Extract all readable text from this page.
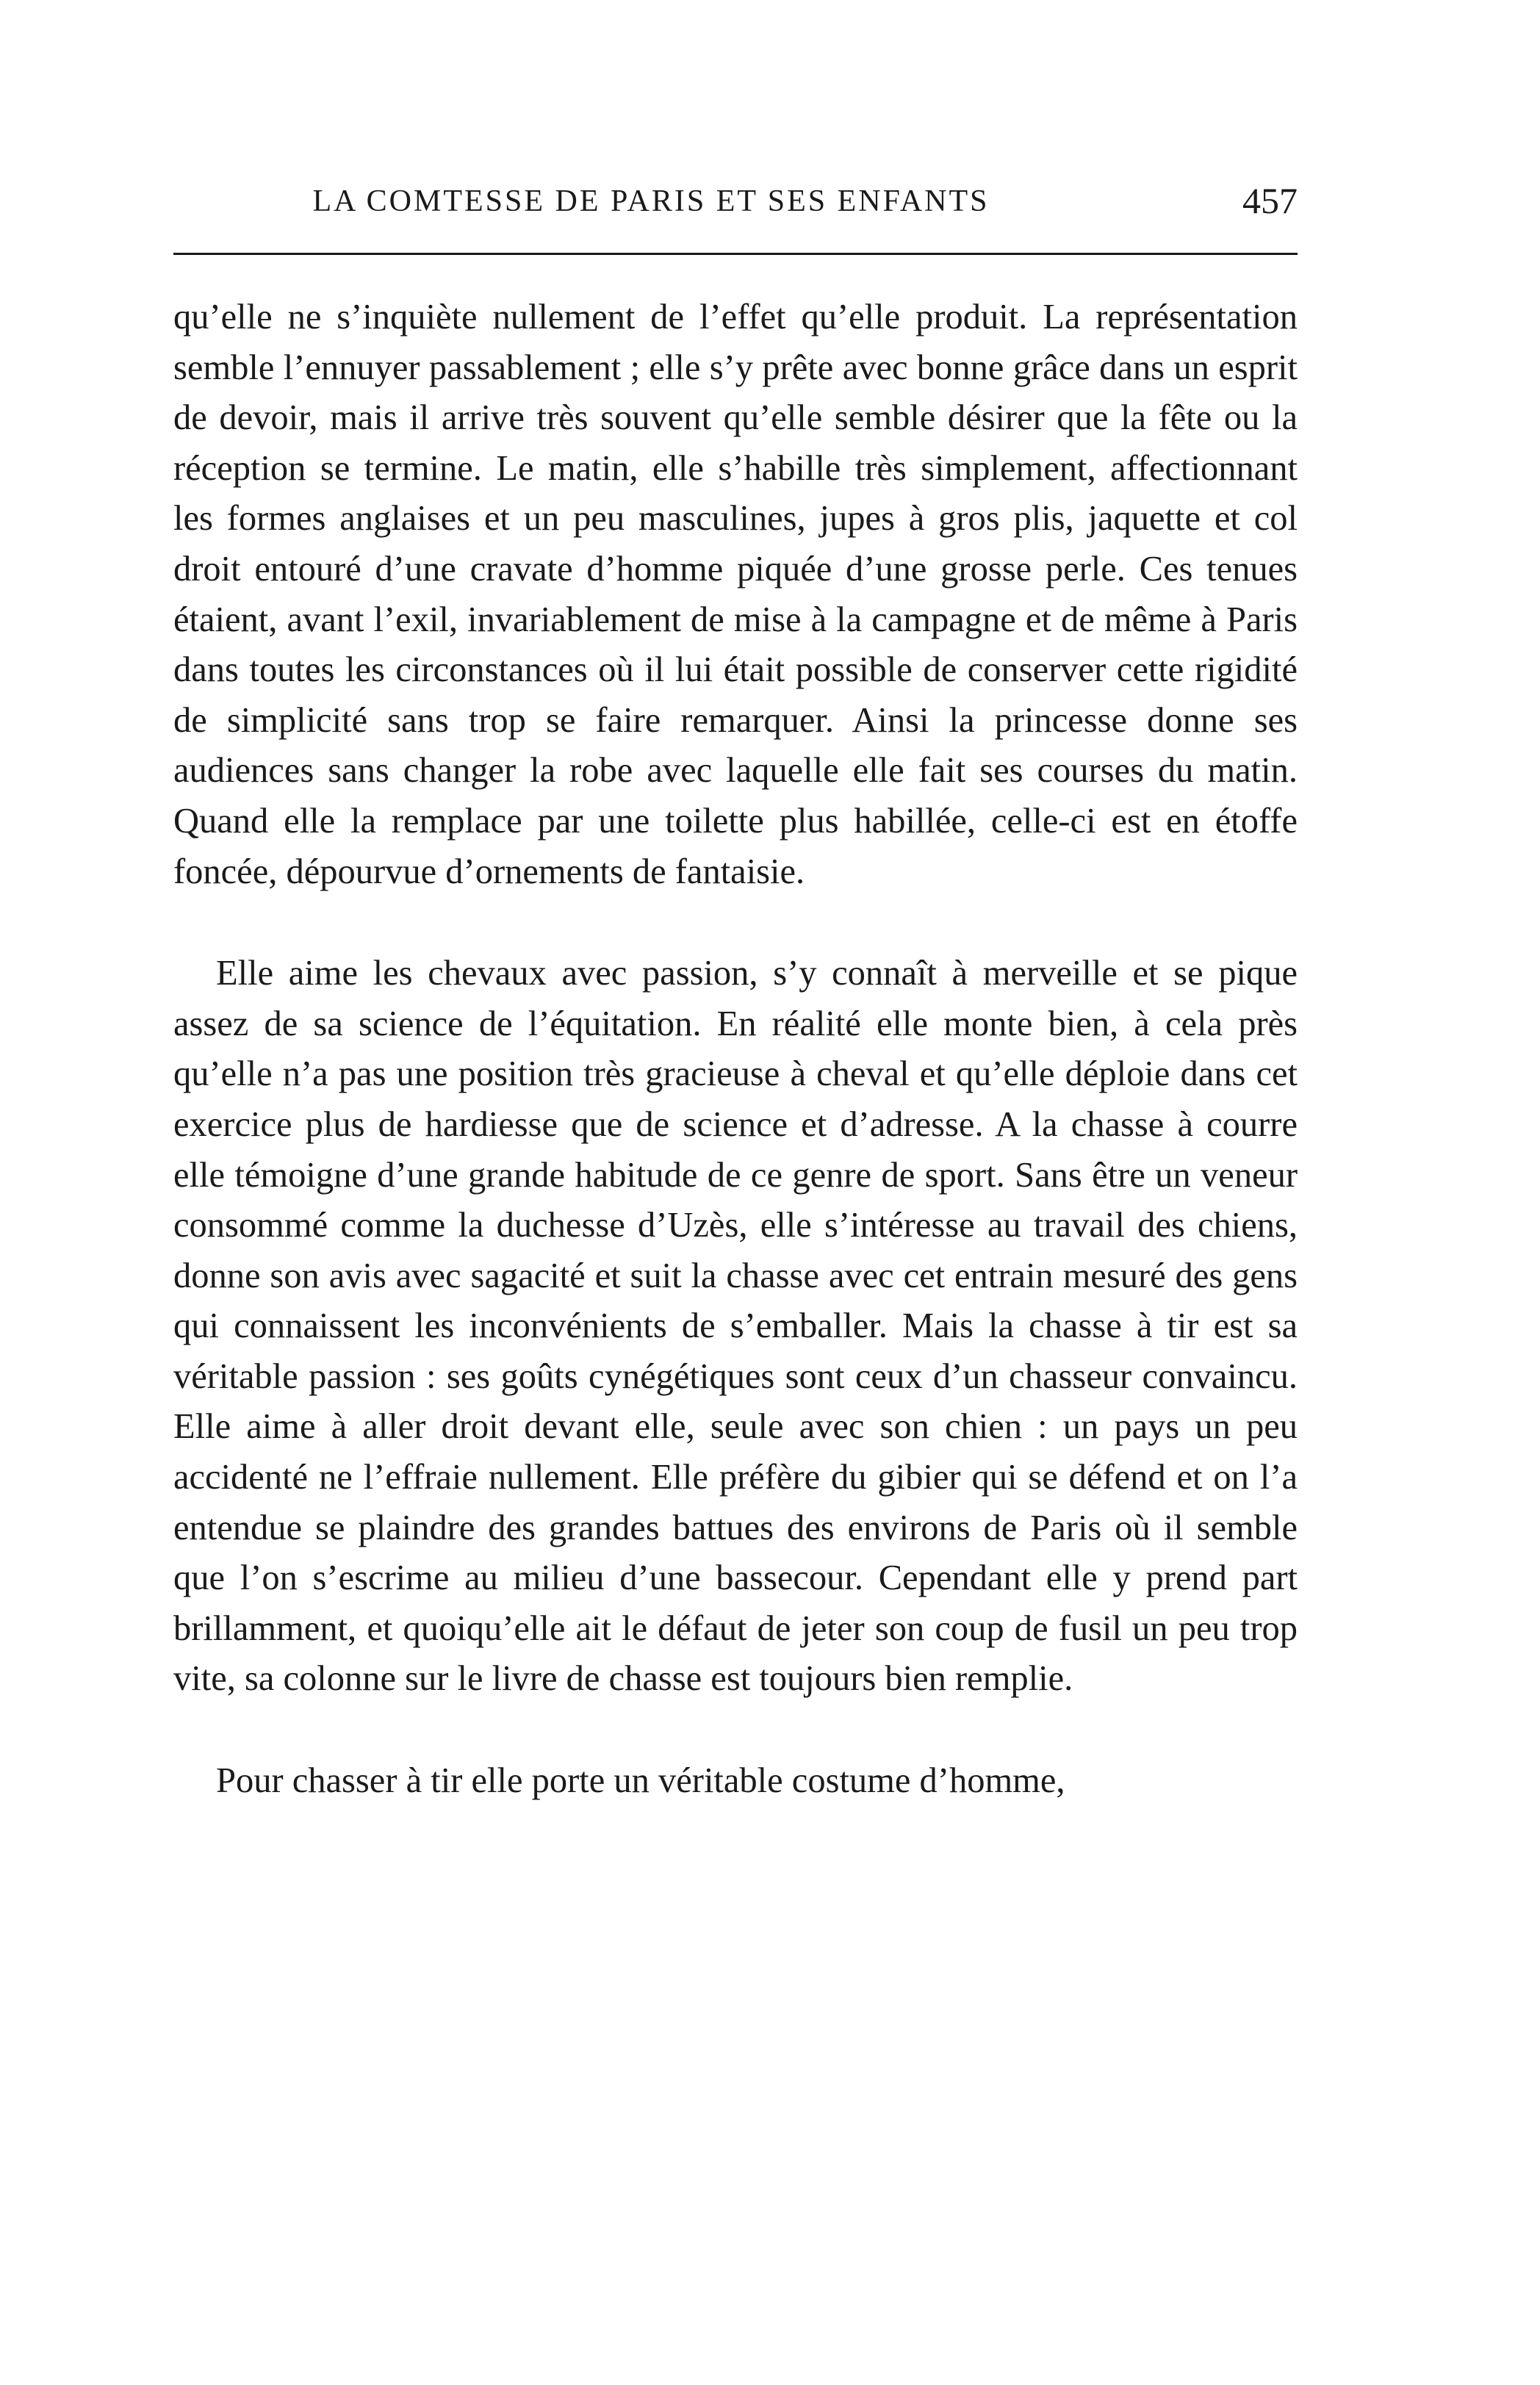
LA COMTESSE DE PARIS ET SES ENFANTS	457

qu’elle ne s’inquiète nullement de l’effet qu’elle produit. La représentation semble l’ennuyer passablement ; elle s’y prête avec bonne grâce dans un esprit de devoir, mais il arrive très souvent qu’elle semble désirer que la fête ou la réception se termine. Le matin, elle s’habille très simplement, affectionnant les formes anglaises et un peu masculines, jupes à gros plis, jaquette et col droit entouré d’une cravate d’homme piquée d’une grosse perle. Ces tenues étaient, avant l’exil, invariablement de mise à la campagne et de même à Paris dans toutes les circonstances où il lui était possible de conserver cette rigidité de simplicité sans trop se faire remarquer. Ainsi la princesse donne ses audiences sans changer la robe avec laquelle elle fait ses courses du matin. Quand elle la remplace par une toilette plus habillée, celle-ci est en étoffe foncée, dépourvue d’ornements de fantaisie.

Elle aime les chevaux avec passion, s’y connaît à merveille et se pique assez de sa science de l’équitation. En réalité elle monte bien, à cela près qu’elle n’a pas une position très gracieuse à cheval et qu’elle déploie dans cet exercice plus de hardiesse que de science et d’adresse. A la chasse à courre elle témoigne d’une grande habitude de ce genre de sport. Sans être un veneur consommé comme la duchesse d’Uzès, elle s’intéresse au travail des chiens, donne son avis avec sagacité et suit la chasse avec cet entrain mesuré des gens qui connaissent les inconvénients de s’emballer. Mais la chasse à tir est sa véritable passion : ses goûts cynégétiques sont ceux d’un chasseur convaincu. Elle aime à aller droit devant elle, seule avec son chien : un pays un peu accidenté ne l’effraie nullement. Elle préfère du gibier qui se défend et on l’a entendue se plaindre des grandes battues des environs de Paris où il semble que l’on s’escrime au milieu d’une bassecour. Cependant elle y prend part brillamment, et quoiqu’elle ait le défaut de jeter son coup de fusil un peu trop vite, sa colonne sur le livre de chasse est toujours bien remplie.

Pour chasser à tir elle porte un véritable costume d’homme,
